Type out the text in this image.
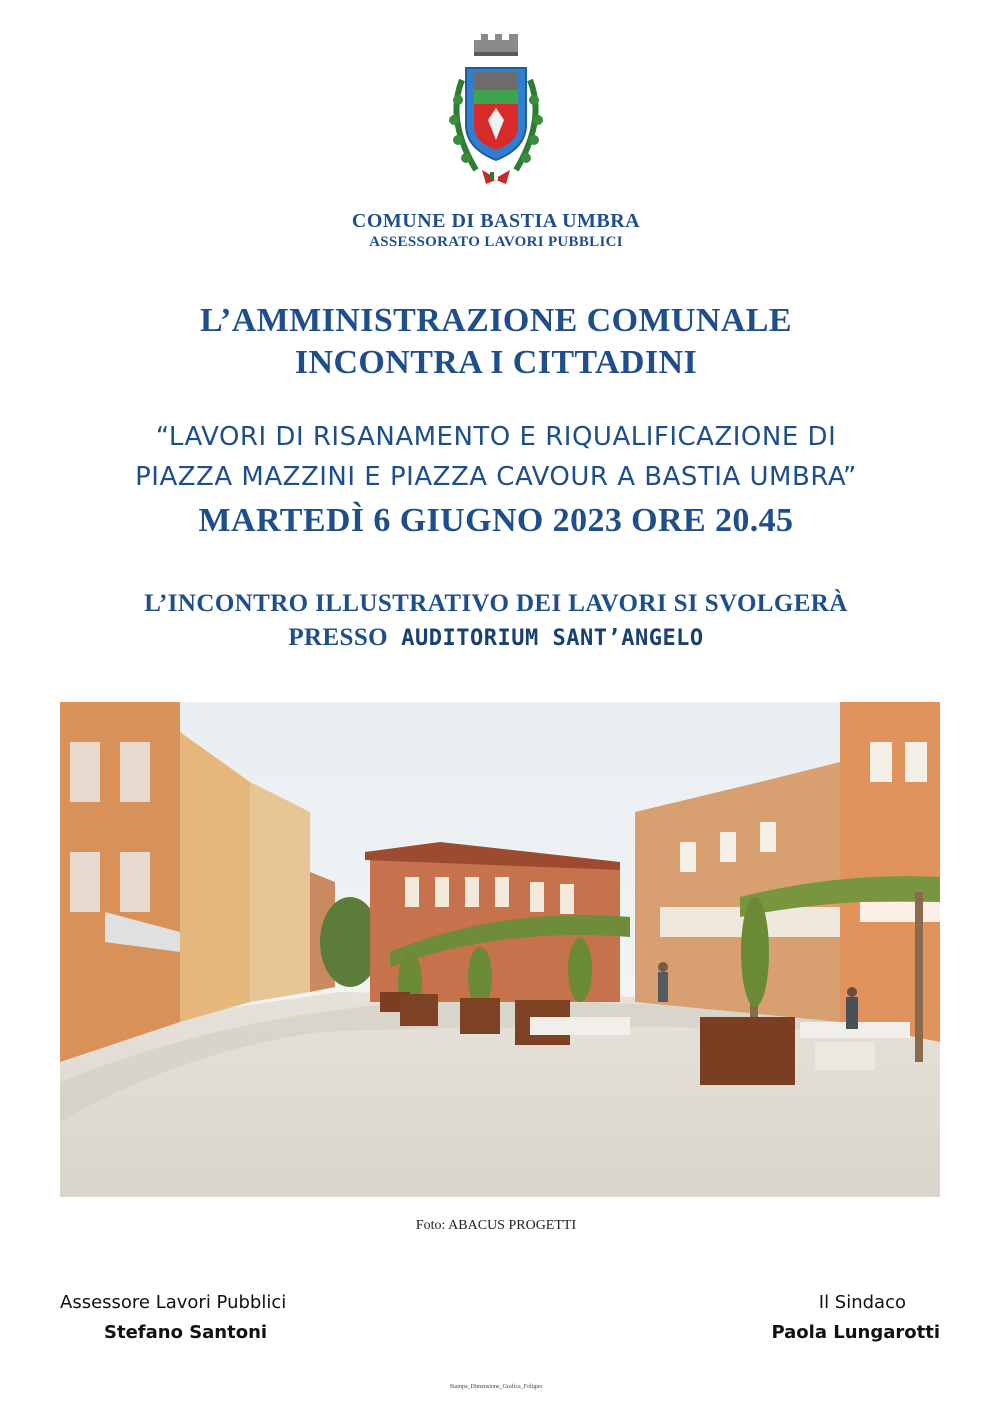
COMUNE DI BASTIA UMBRA
ASSESSORATO LAVORI PUBBLICI
L’AMMINISTRAZIONE COMUNALE
INCONTRA I CITTADINI
“LAVORI DI RISANAMENTO E RIQUALIFICAZIONE DI
PIAZZA MAZZINI E PIAZZA CAVOUR A BASTIA UMBRA”
MARTEDÌ 6 GIUGNO 2023 ORE 20.45
L’INCONTRO ILLUSTRATIVO DEI LAVORI SI SVOLGERÀ
PRESSO AUDITORIUM SANT’ANGELO
Foto: ABACUS PROGETTI
Assessore Lavori Pubblici
Stefano Santoni
Il Sindaco
Paola Lungarotti
Stampa_Dimensione_Grafica_Foligno
